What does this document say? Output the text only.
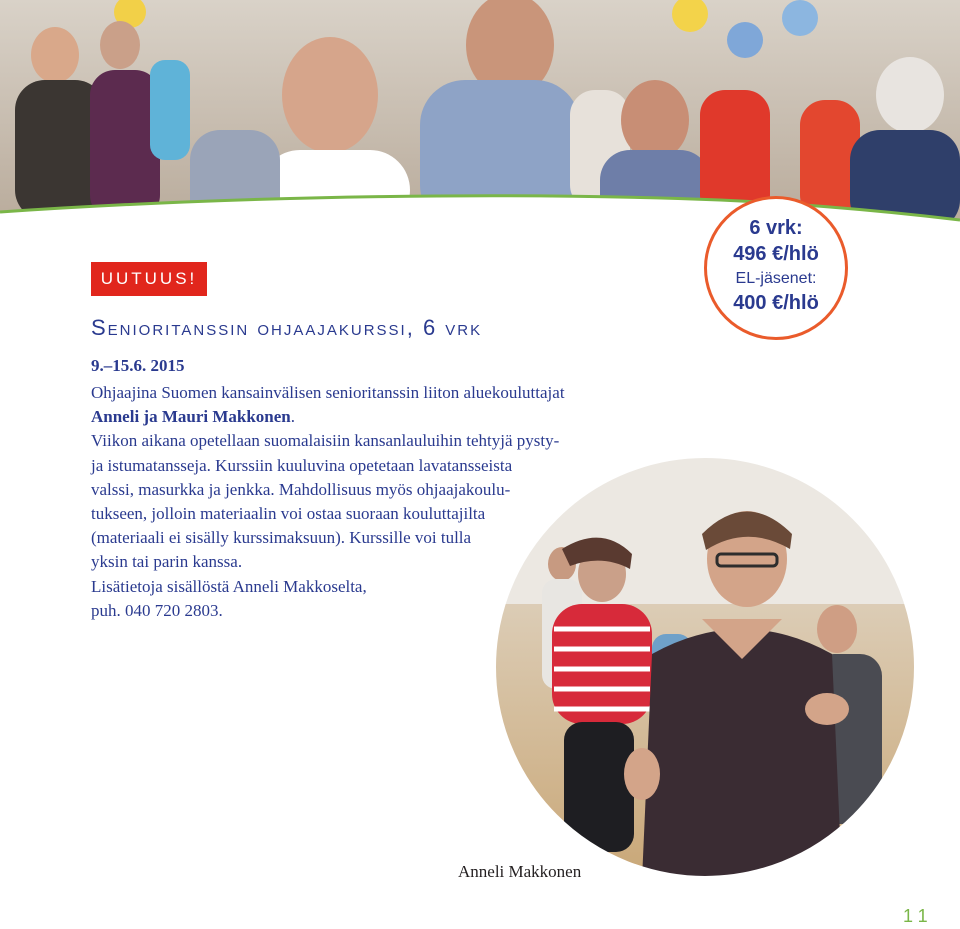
UUTUUS!
Senioritanssin ohjaajakurssi, 6 vrk
9.–15.6. 2015

Ohjaajina Suomen kansainvälisen senioritanssin liiton aluekouluttajat
Anneli ja Mauri Makkonen.

Viikon aikana opetellaan suomalaisiin kansanlauluihin tehtyjä pysty-
ja istumatansseja. Kurssiin kuuluvina opetetaan lavatansseista
valssi, masurkka ja jenkka. Mahdollisuus myös ohjaajakoulu-
tukseen, jolloin materiaalin voi ostaa suoraan kouluttajilta
(materiaali ei sisälly kurssimaksuun). Kurssille voi tulla
yksin tai parin kanssa.

Lisätietoja sisällöstä Anneli Makkoselta,
puh. 040 720 2803.

6 vrk:
496 €/hlö
EL-jäsenet:
400 €/hlö
Anneli Makkonen
11
